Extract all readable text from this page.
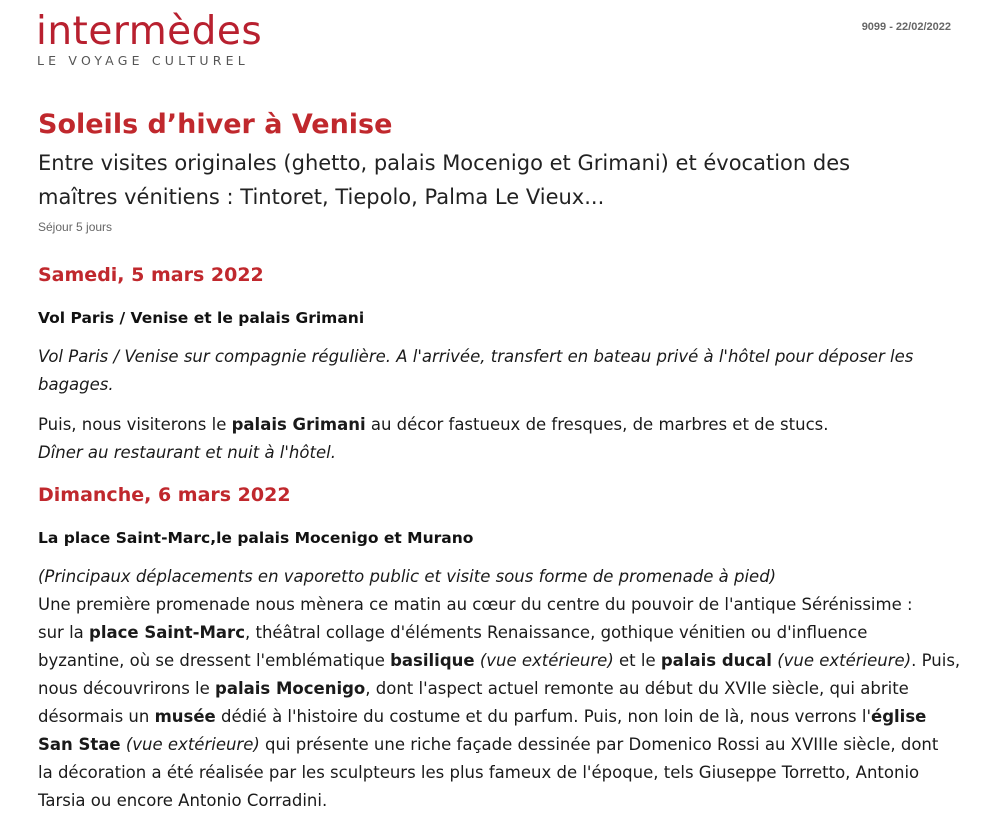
intermèdes
LE VOYAGE CULTUREL
9099 - 22/02/2022
Soleils d’hiver à Venise
Entre visites originales (ghetto, palais Mocenigo et Grimani) et évocation des
maîtres vénitiens : Tintoret, Tiepolo, Palma Le Vieux...
Séjour 5 jours
Samedi, 5 mars 2022
Vol Paris / Venise et le palais Grimani

Vol Paris / Venise sur compagnie régulière. A l'arrivée, transfert en bateau privé à l'hôtel pour déposer les
bagages.

Puis, nous visiterons le palais Grimani au décor fastueux de fresques, de marbres et de stucs.
Dîner au restaurant et nuit à l'hôtel.

Dimanche, 6 mars 2022
La place Saint-Marc,le palais Mocenigo et Murano

(Principaux déplacements en vaporetto public et visite sous forme de promenade à pied)
Une première promenade nous mènera ce matin au cœur du centre du pouvoir de l'antique Sérénissime :
sur la place Saint-Marc, théâtral collage d'éléments Renaissance, gothique vénitien ou d'influence
byzantine, où se dressent l'emblématique basilique (vue extérieure) et le palais ducal (vue extérieure). Puis,
nous découvrirons le palais Mocenigo, dont l'aspect actuel remonte au début du XVIIe siècle, qui abrite
désormais un musée dédié à l'histoire du costume et du parfum. Puis, non loin de là, nous verrons l'église
San Stae (vue extérieure) qui présente une riche façade dessinée par Domenico Rossi au XVIIIe siècle, dont
la décoration a été réalisée par les sculpteurs les plus fameux de l'époque, tels Giuseppe Torretto, Antonio
Tarsia ou encore Antonio Corradini.
